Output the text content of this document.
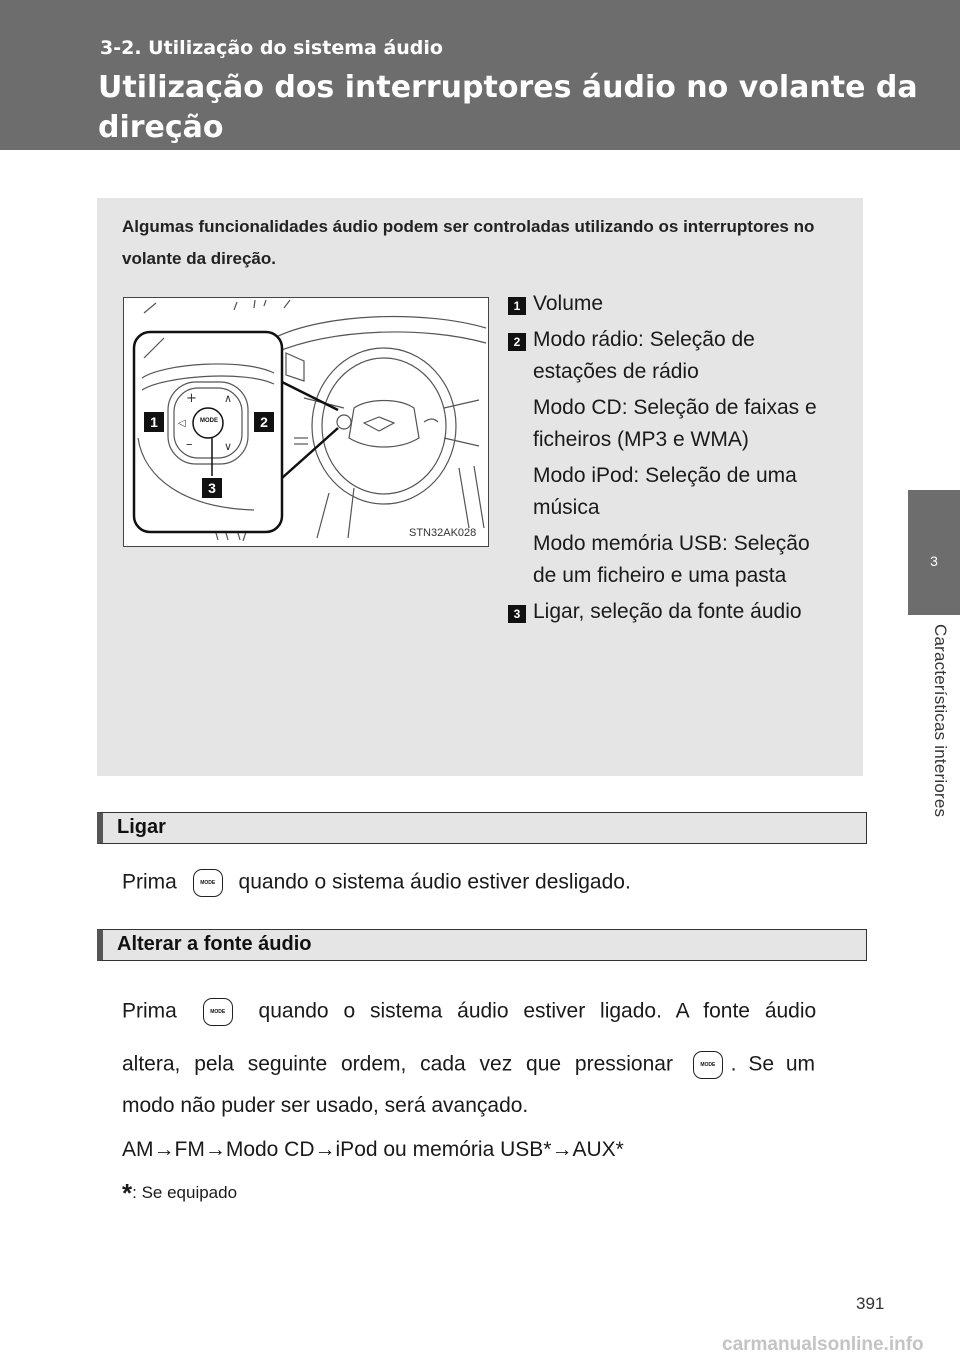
3-2. Utilização do sistema áudio
Utilização dos interruptores áudio no volante da direção
3
Características interiores
Algumas funcionalidades áudio podem ser controladas utilizando os interruptores no volante da direção.
+
–
◁
∧
∨
MODE
1	2
3
STN32AK028
1 Volume

2 Modo rádio: Seleção de estações de rádio

Modo CD: Seleção de faixas e ficheiros (MP3 e WMA)

Modo iPod: Seleção de uma música

Modo memória USB: Seleção de um ficheiro e uma pasta

3 Ligar, seleção da fonte áudio

Ligar
Prima	MODE quando o sistema áudio estiver desligado.
Alterar a fonte áudio
Prima	MODE quando o sistema áudio estiver ligado. A fonte áudio
altera, pela seguinte ordem, cada vez que pressionar	MODE . Se um
modo não puder ser usado, será avançado.
AM→FM→Modo CD→iPod ou memória USB*→AUX*
*: Se equipado
391
carmanualsonline.info
